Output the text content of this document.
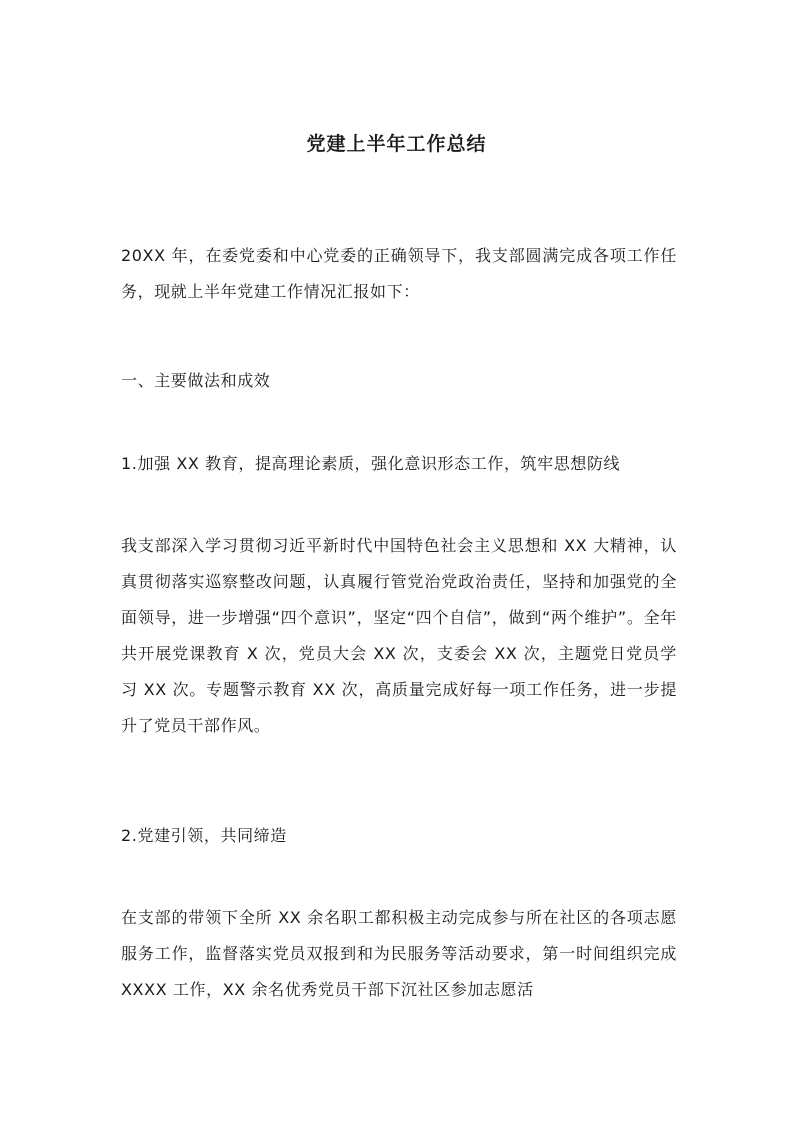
党建上半年工作总结

20XX 年，在委党委和中心党委的正确领导下，我支部圆满完成各项工作任务，现就上半年党建工作情况汇报如下：

一、主要做法和成效

1.加强 XX 教育，提高理论素质，强化意识形态工作，筑牢思想防线

我支部深入学习贯彻习近平新时代中国特色社会主义思想和 XX 大精神，认真贯彻落实巡察整改问题，认真履行管党治党政治责任，坚持和加强党的全面领导，进一步增强“四个意识”，坚定“四个自信”，做到“两个维护”。全年共开展党课教育 X 次，党员大会 XX 次，支委会 XX 次，主题党日党员学习 XX 次。专题警示教育 XX 次，高质量完成好每一项工作任务，进一步提升了党员干部作风。

2.党建引领，共同缔造

在支部的带领下全所 XX 余名职工都积极主动完成参与所在社区的各项志愿服务工作，监督落实党员双报到和为民服务等活动要求，第一时间组织完成 XXXX 工作，XX 余名优秀党员干部下沉社区参加志愿活
